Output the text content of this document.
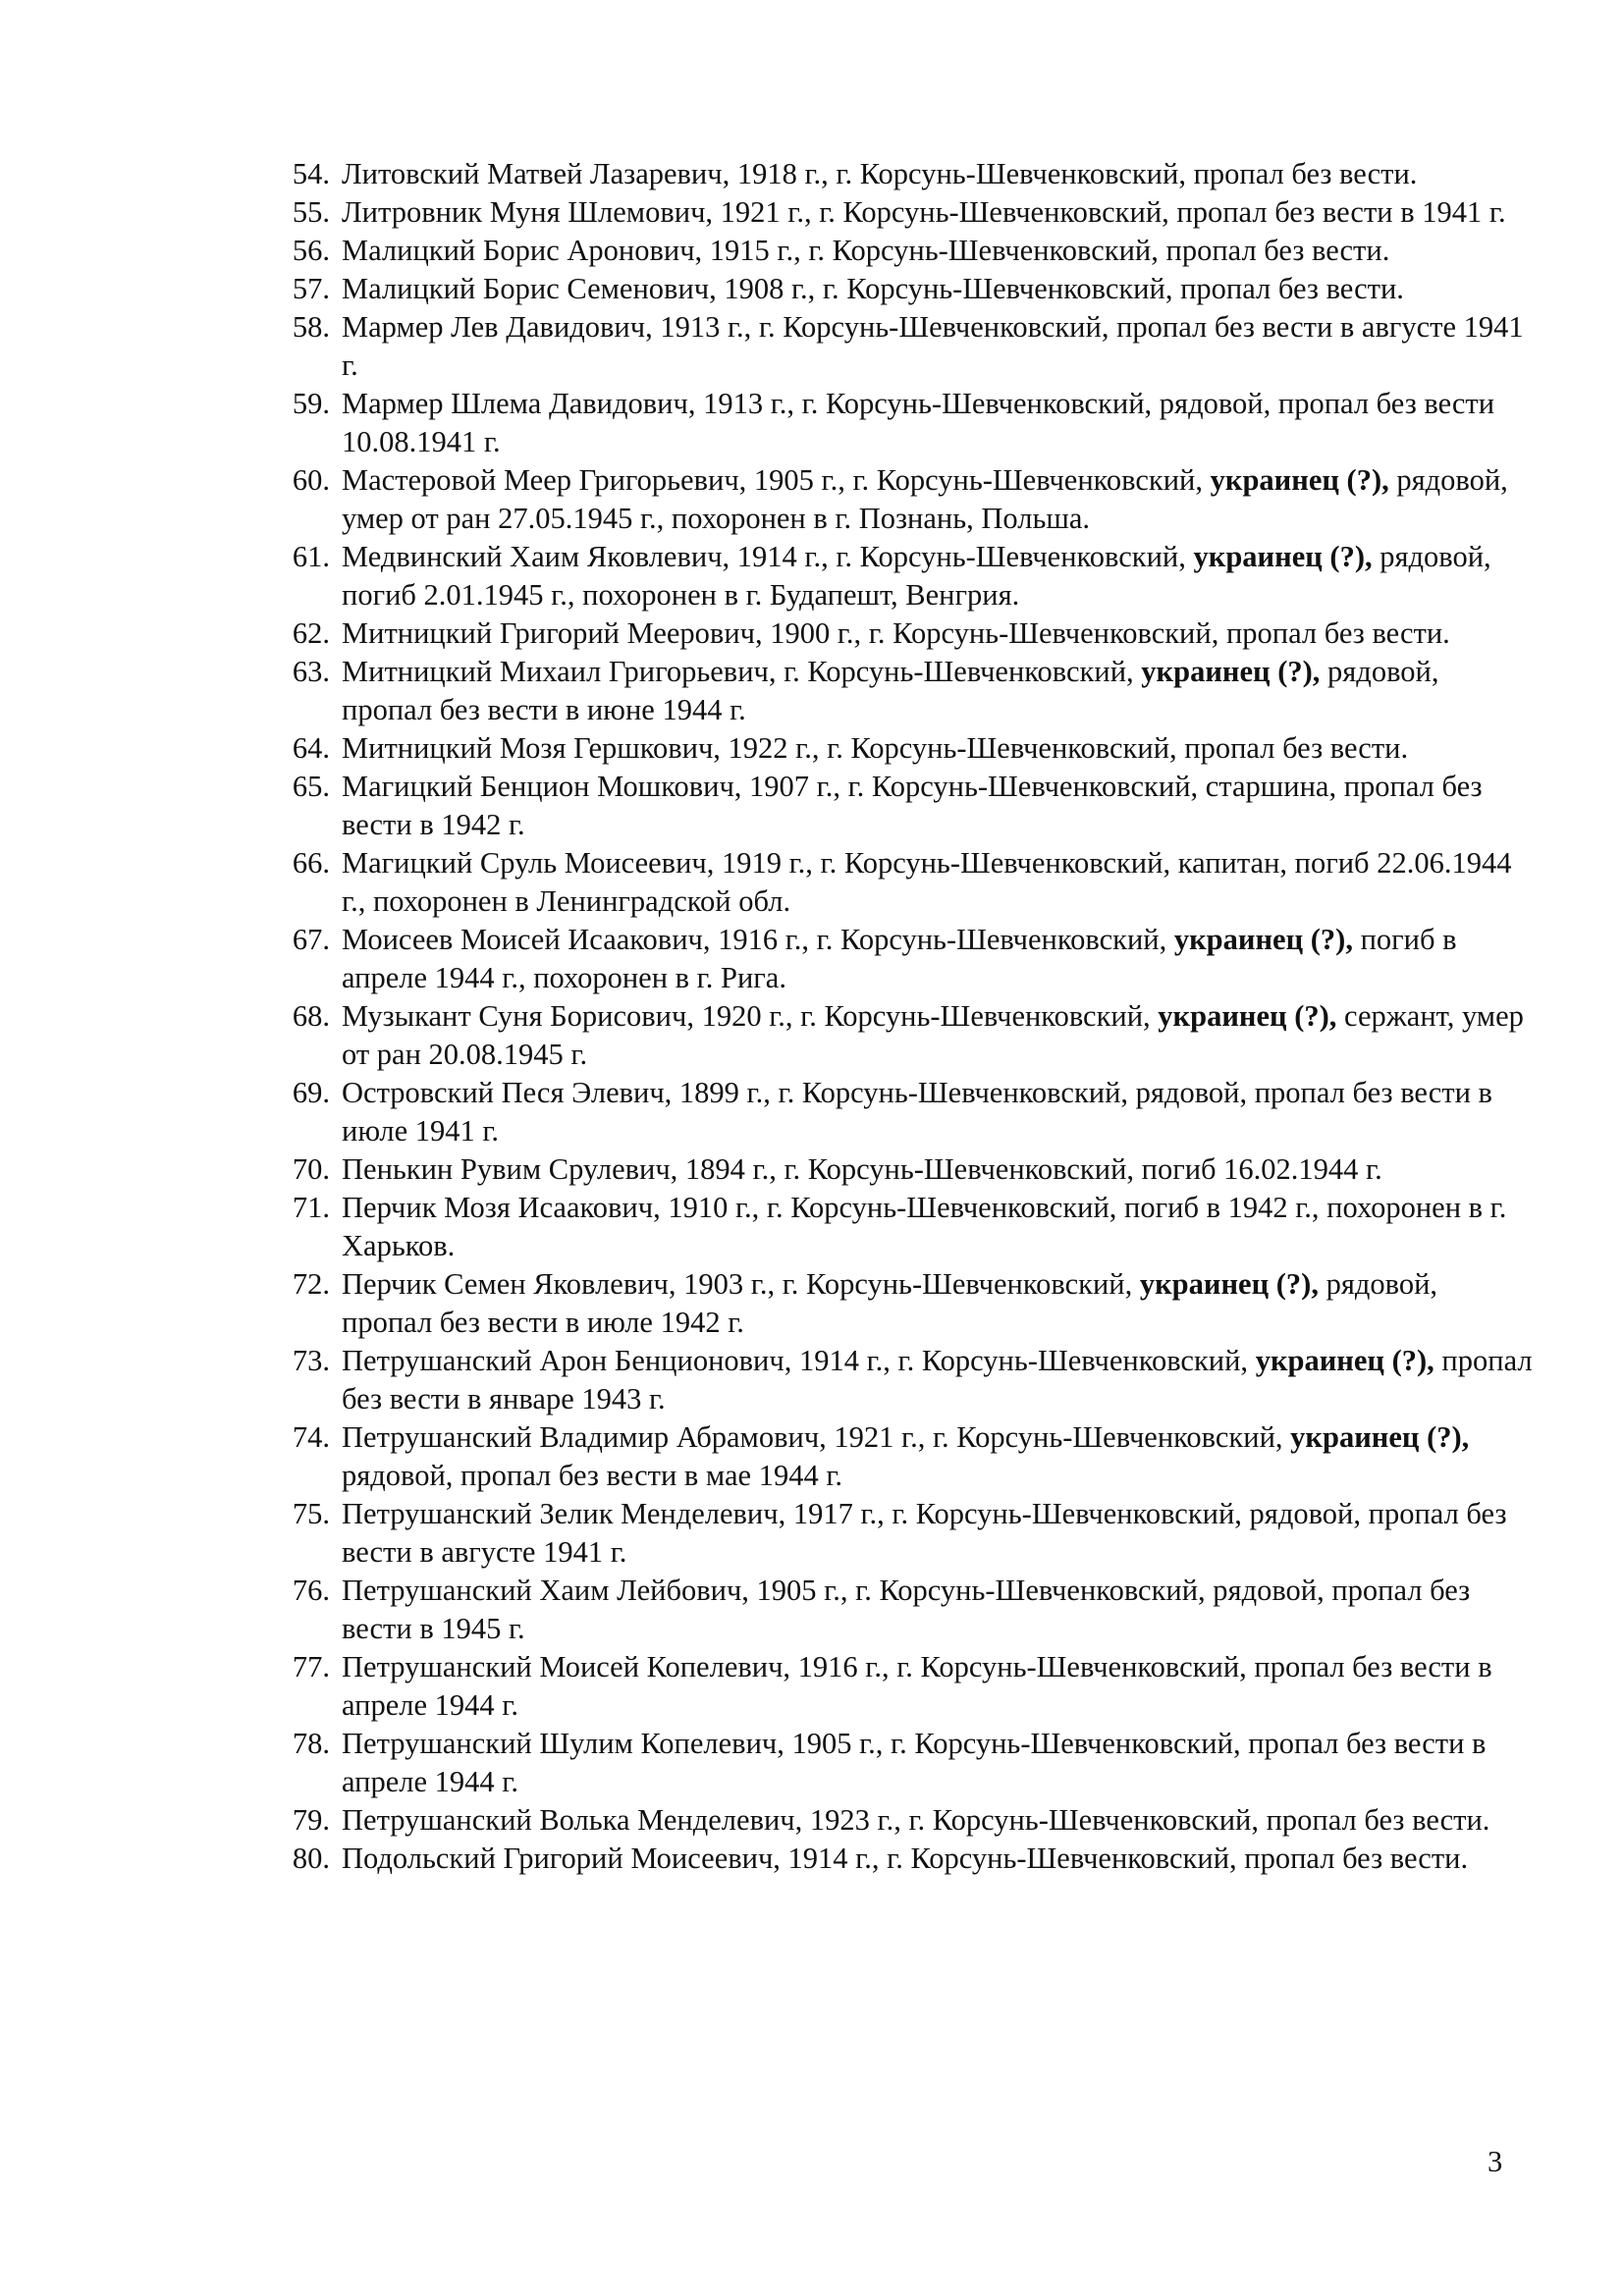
54. Литовский Матвей Лазаревич, 1918 г., г. Корсунь-Шевченковский, пропал без вести.
55. Литровник Муня Шлемович, 1921 г., г. Корсунь-Шевченковский, пропал без вести в 1941 г.
56. Малицкий Борис Аронович, 1915 г., г. Корсунь-Шевченковский, пропал без вести.
57. Малицкий Борис Семенович, 1908 г., г. Корсунь-Шевченковский, пропал без вести.
58. Мармер Лев Давидович, 1913 г., г. Корсунь-Шевченковский, пропал без вести в августе 1941 г.
59. Мармер Шлема Давидович, 1913 г., г. Корсунь-Шевченковский, рядовой, пропал без вести 10.08.1941 г.
60. Мастеровой Меер Григорьевич, 1905 г., г. Корсунь-Шевченковский, украинец (?), рядовой, умер от ран 27.05.1945 г., похоронен в г. Познань, Польша.
61. Медвинский Хаим Яковлевич, 1914 г., г. Корсунь-Шевченковский, украинец (?), рядовой, погиб 2.01.1945 г., похоронен в г. Будапешт, Венгрия.
62. Митницкий Григорий Меерович, 1900 г., г. Корсунь-Шевченковский, пропал без вести.
63. Митницкий Михаил Григорьевич, г. Корсунь-Шевченковский, украинец (?), рядовой, пропал без вести в июне 1944 г.
64. Митницкий Мозя Гершкович, 1922 г., г. Корсунь-Шевченковский, пропал без вести.
65. Магицкий Бенцион Мошкович, 1907 г., г. Корсунь-Шевченковский, старшина, пропал без вести в 1942 г.
66. Магицкий Сруль Моисеевич, 1919 г., г. Корсунь-Шевченковский, капитан, погиб 22.06.1944 г., похоронен в Ленинградской обл.
67. Моисеев Моисей Исаакович, 1916 г., г. Корсунь-Шевченковский, украинец (?), погиб в апреле 1944 г., похоронен в г. Рига.
68. Музыкант Суня Борисович, 1920 г., г. Корсунь-Шевченковский, украинец (?), сержант, умер от ран 20.08.1945 г.
69. Островский Песя Элевич, 1899 г., г. Корсунь-Шевченковский, рядовой, пропал без вести в июле 1941 г.
70. Пенькин Рувим Срулевич, 1894 г., г. Корсунь-Шевченковский, погиб 16.02.1944 г.
71. Перчик Мозя Исаакович, 1910 г., г. Корсунь-Шевченковский, погиб в 1942 г., похоронен в г. Харьков.
72. Перчик Семен Яковлевич, 1903 г., г. Корсунь-Шевченковский, украинец (?), рядовой, пропал без вести в июле 1942 г.
73. Петрушанский Арон Бенционович, 1914 г., г. Корсунь-Шевченковский, украинец (?), пропал без вести в январе 1943 г.
74. Петрушанский Владимир Абрамович, 1921 г., г. Корсунь-Шевченковский, украинец (?), рядовой, пропал без вести в мае 1944 г.
75. Петрушанский Зелик Менделевич, 1917 г., г. Корсунь-Шевченковский, рядовой, пропал без вести в августе 1941 г.
76. Петрушанский Хаим Лейбович, 1905 г., г. Корсунь-Шевченковский, рядовой, пропал без вести в 1945 г.
77. Петрушанский Моисей Копелевич, 1916 г., г. Корсунь-Шевченковский, пропал без вести в апреле 1944 г.
78. Петрушанский Шулим Копелевич, 1905 г., г. Корсунь-Шевченковский, пропал без вести в апреле 1944 г.
79. Петрушанский Волька Менделевич, 1923 г., г. Корсунь-Шевченковский, пропал без вести.
80. Подольский Григорий Моисеевич, 1914 г., г. Корсунь-Шевченковский, пропал без вести.
3
